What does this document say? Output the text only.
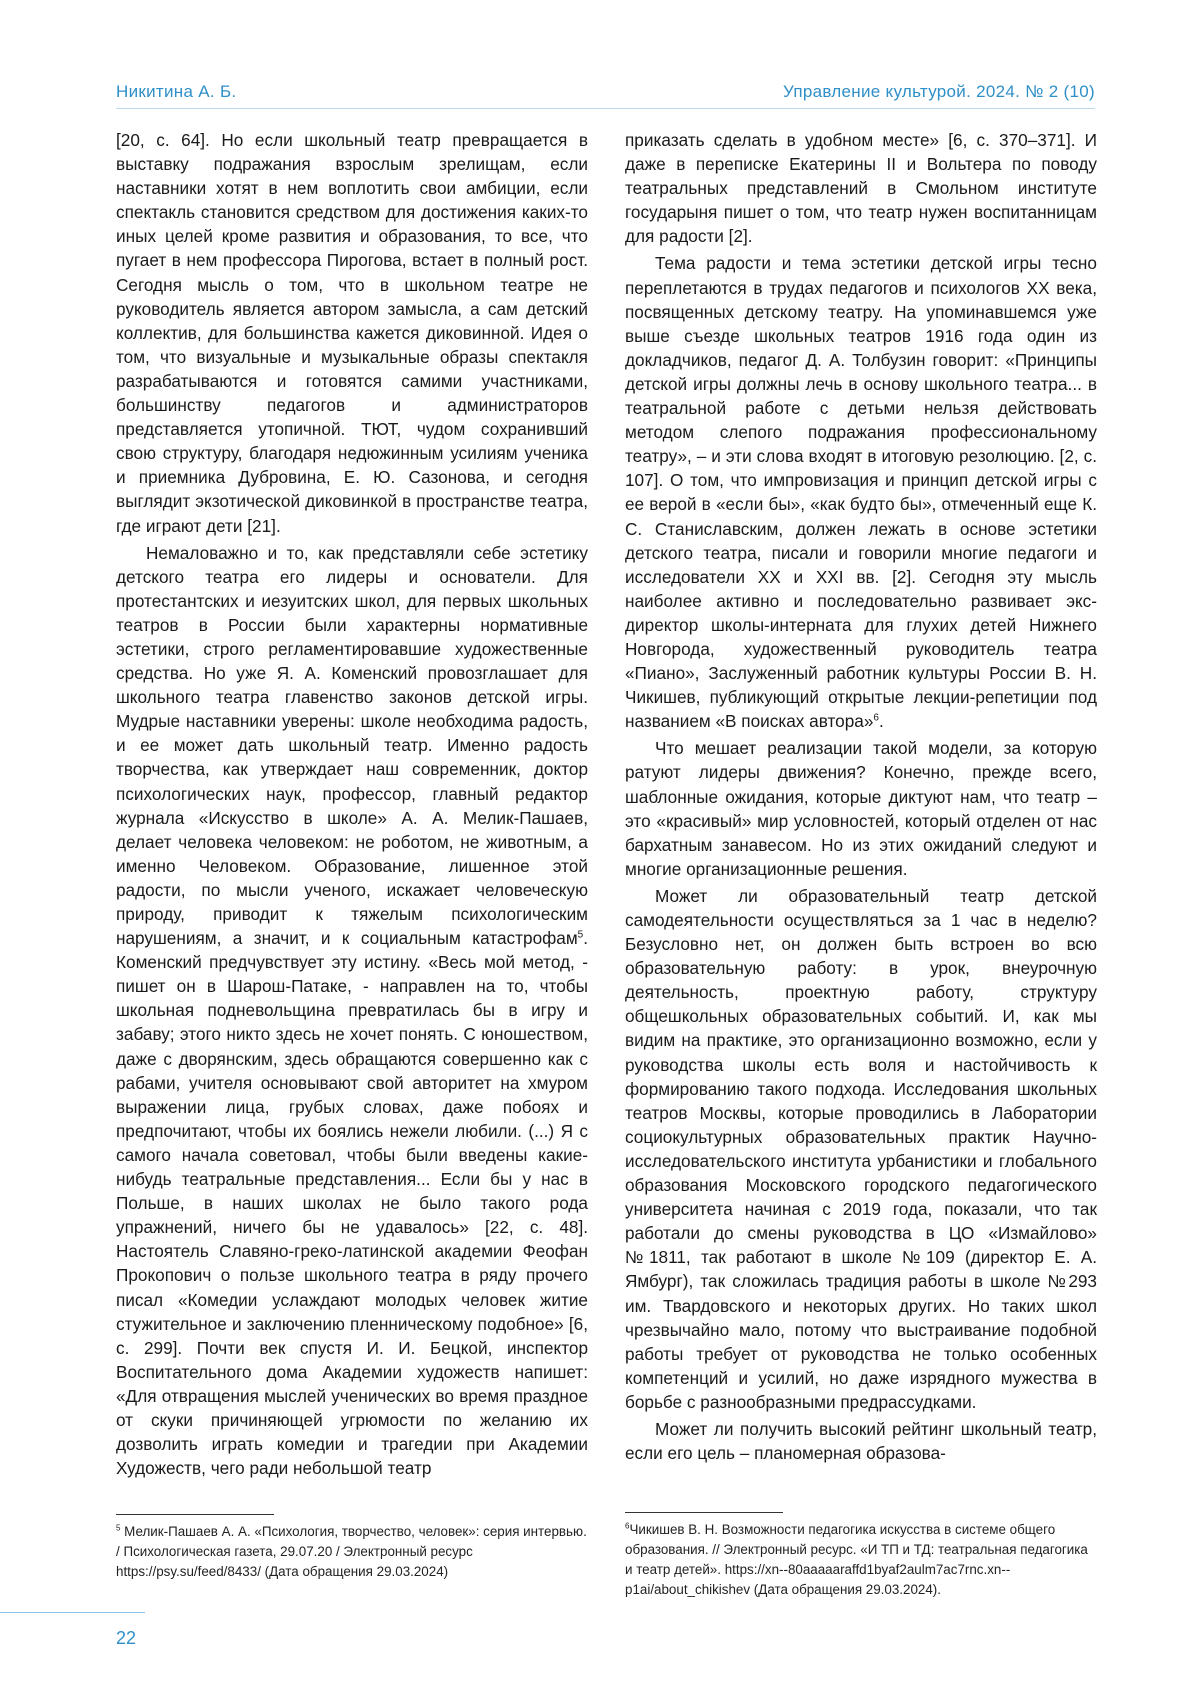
Никитина А. Б.	Управление культурой. 2024. № 2 (10)

[20, с. 64]. Но если школьный театр превращается в выставку подражания взрослым зрелищам, если наставники хотят в нем воплотить свои амбиции, если спектакль становится средством для достижения каких-то иных целей кроме развития и образования, то все, что пугает в нем профессора Пирогова, встает в полный рост. Сегодня мысль о том, что в школьном театре не руководитель является автором замысла, а сам детский коллектив, для большинства кажется диковинной. Идея о том, что визуальные и музыкальные образы спектакля разрабатываются и готовятся самими участниками, большинству педагогов и администраторов представляется утопичной. ТЮТ, чудом сохранивший свою структуру, благодаря недюжинным усилиям ученика и приемника Дубровина, Е. Ю. Сазонова, и сегодня выглядит экзотической диковинкой в пространстве театра, где играют дети [21].

Немаловажно и то, как представляли себе эстетику детского театра его лидеры и основатели. Для протестантских и иезуитских школ, для первых школьных театров в России были характерны нормативные эстетики, строго регламентировавшие художественные средства. Но уже Я. А. Коменский провозглашает для школьного театра главенство законов детской игры. Мудрые наставники уверены: школе необходима радость, и ее может дать школьный театр. Именно радость творчества, как утверждает наш современник, доктор психологических наук, профессор, главный редактор журнала «Искусство в школе» А. А. Мелик-Пашаев, делает человека человеком: не роботом, не животным, а именно Человеком. Образование, лишенное этой радости, по мысли ученого, искажает человеческую природу, приводит к тяжелым психологическим нарушениям, а значит, и к социальным катастрофам$^5$. Коменский предчувствует эту истину. «Весь мой метод, - пишет он в Шарош-Патаке, - направлен на то, чтобы школьная подневольщина превратилась бы в игру и забаву; этого никто здесь не хочет понять. С юношеством, даже с дворянским, здесь обращаются совершенно как с рабами, учителя основывают свой авторитет на хмуром выражении лица, грубых словах, даже побоях и предпочитают, чтобы их боялись нежели любили. (...) Я с самого начала советовал, чтобы были введены какие-нибудь театральные представления... Если бы у нас в Польше, в наших школах не было такого рода упражнений, ничего бы не удавалось» [22, с. 48]. Настоятель Славяно-греко-латинской академии Феофан Прокопович о пользе школьного театра в ряду прочего писал «Комедии услаждают молодых человек житие стужительное и заключению пленническому подобное» [6, с. 299]. Почти век спустя И. И. Бецкой, инспектор Воспитательного дома Академии художеств напишет: «Для отвращения мыслей ученических во время праздное от скуки причиняющей угрюмости по желанию их дозволить играть комедии и трагедии при Академии Художеств, чего ради небольшой театр

приказать сделать в удобном месте» [6, с. 370–371]. И даже в переписке Екатерины II и Вольтера по поводу театральных представлений в Смольном институте государыня пишет о том, что театр нужен воспитанницам для радости [2].

Тема радости и тема эстетики детской игры тесно переплетаются в трудах педагогов и психологов XX века, посвященных детскому театру. На упоминавшемся уже выше съезде школьных театров 1916 года один из докладчиков, педагог Д. А. Толбузин говорит: «Принципы детской игры должны лечь в основу школьного театра... в театральной работе с детьми нельзя действовать методом слепого подражания профессиональному театру», – и эти слова входят в итоговую резолюцию. [2, с. 107]. О том, что импровизация и принцип детской игры с ее верой в «если бы», «как будто бы», отмеченный еще К. С. Станиславским, должен лежать в основе эстетики детского театра, писали и говорили многие педагоги и исследователи XX и XXI вв. [2]. Сегодня эту мысль наиболее активно и последовательно развивает экс-директор школы-интерната для глухих детей Нижнего Новгорода, художественный руководитель театра «Пиано», Заслуженный работник культуры России В. Н. Чикишев, публикующий открытые лекции-репетиции под названием «В поисках автора»$^6$.

Что мешает реализации такой модели, за которую ратуют лидеры движения? Конечно, прежде всего, шаблонные ожидания, которые диктуют нам, что театр – это «красивый» мир условностей, который отделен от нас бархатным занавесом. Но из этих ожиданий следуют и многие организационные решения.

Может ли образовательный театр детской самодеятельности осуществляться за 1 час в неделю? Безусловно нет, он должен быть встроен во всю образовательную работу: в урок, внеурочную деятельность, проектную работу, структуру общешкольных образовательных событий. И, как мы видим на практике, это организационно возможно, если у руководства школы есть воля и настойчивость к формированию такого подхода. Исследования школьных театров Москвы, которые проводились в Лаборатории социокультурных образовательных практик Научно-исследовательского института урбанистики и глобального образования Московского городского педагогического университета начиная с 2019 года, показали, что так работали до смены руководства в ЦО «Измайлово» №1811, так работают в школе №109 (директор Е. А. Ямбург), так сложилась традиция работы в школе №293 им. Твардовского и некоторых других. Но таких школ чрезвычайно мало, потому что выстраивание подобной работы требует от руководства не только особенных компетенций и усилий, но даже изрядного мужества в борьбе с разнообразными предрассудками.

Может ли получить высокий рейтинг школьный театр, если его цель – планомерная образова-

$^5$ Мелик-Пашаев А. А. «Психология, творчество, человек»: серия интервью. / Психологическая газета, 29.07.20 / Электронный ресурс https://psy.su/feed/8433/ (Дата обращения 29.03.2024)
$^6$Чикишев В. Н. Возможности педагогика искусства в системе общего образования. // Электронный ресурс. «И ТП и ТД: театральная педагогика и театр детей». https://xn--80aaaaaraffd1byaf2aulm7ac7rnc.xn--p1ai/about_chikishev (Дата обращения 29.03.2024).
22
